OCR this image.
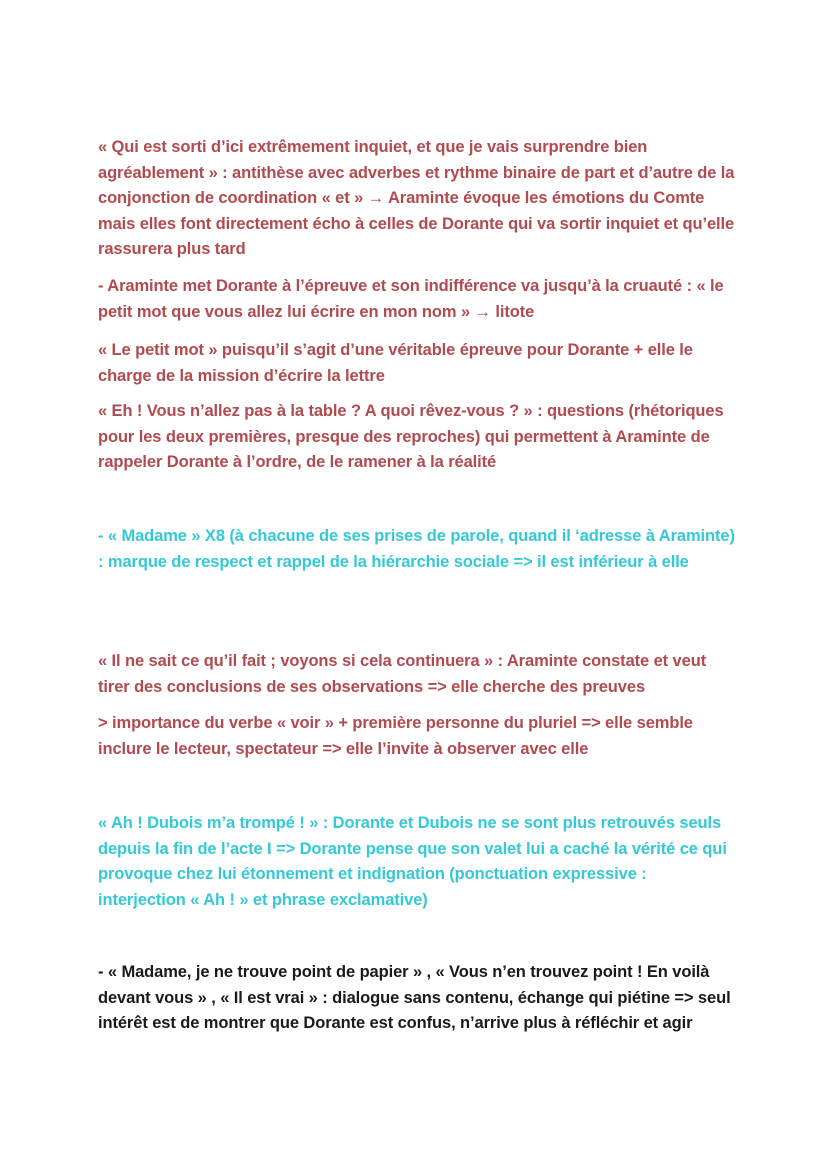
« Qui est sorti d’ici extrêmement inquiet, et que je vais surprendre bien agréablement » : antithèse avec adverbes et rythme binaire de part et d’autre de la conjonction de coordination « et » → Araminte évoque les émotions du Comte mais elles font directement écho à celles de Dorante qui va sortir inquiet et qu’elle rassurera plus tard

- Araminte met Dorante à l’épreuve et son indifférence va jusqu’à la cruauté : « le petit mot que vous allez lui écrire en mon nom » → litote

« Le petit mot » puisqu’il s’agit d’une véritable épreuve pour Dorante + elle le charge de la mission d’écrire la lettre

« Eh ! Vous n’allez pas à la table ? A quoi rêvez-vous ? » : questions (rhétoriques pour les deux premières, presque des reproches) qui permettent à Araminte de rappeler Dorante à l’ordre, de le ramener à la réalité

- « Madame » X8 (à chacune de ses prises de parole, quand il ‘adresse à Araminte) : marque de respect et rappel de la hiérarchie sociale => il est inférieur à elle

« Il ne sait ce qu’il fait ; voyons si cela continuera » : Araminte constate et veut tirer des conclusions de ses observations => elle cherche des preuves

> importance du verbe « voir » + première personne du pluriel => elle semble inclure le lecteur, spectateur => elle l’invite à observer avec elle

« Ah ! Dubois m’a trompé ! » : Dorante et Dubois ne se sont plus retrouvés seuls depuis la fin de l’acte I => Dorante pense que son valet lui a caché la vérité ce qui provoque chez lui étonnement et indignation (ponctuation expressive : interjection « Ah ! » et phrase exclamative)

- « Madame, je ne trouve point de papier » , « Vous n’en trouvez point ! En voilà devant vous » , « Il est vrai » : dialogue sans contenu, échange qui piétine => seul intérêt est de montrer que Dorante est confus, n’arrive plus à réfléchir et agir
